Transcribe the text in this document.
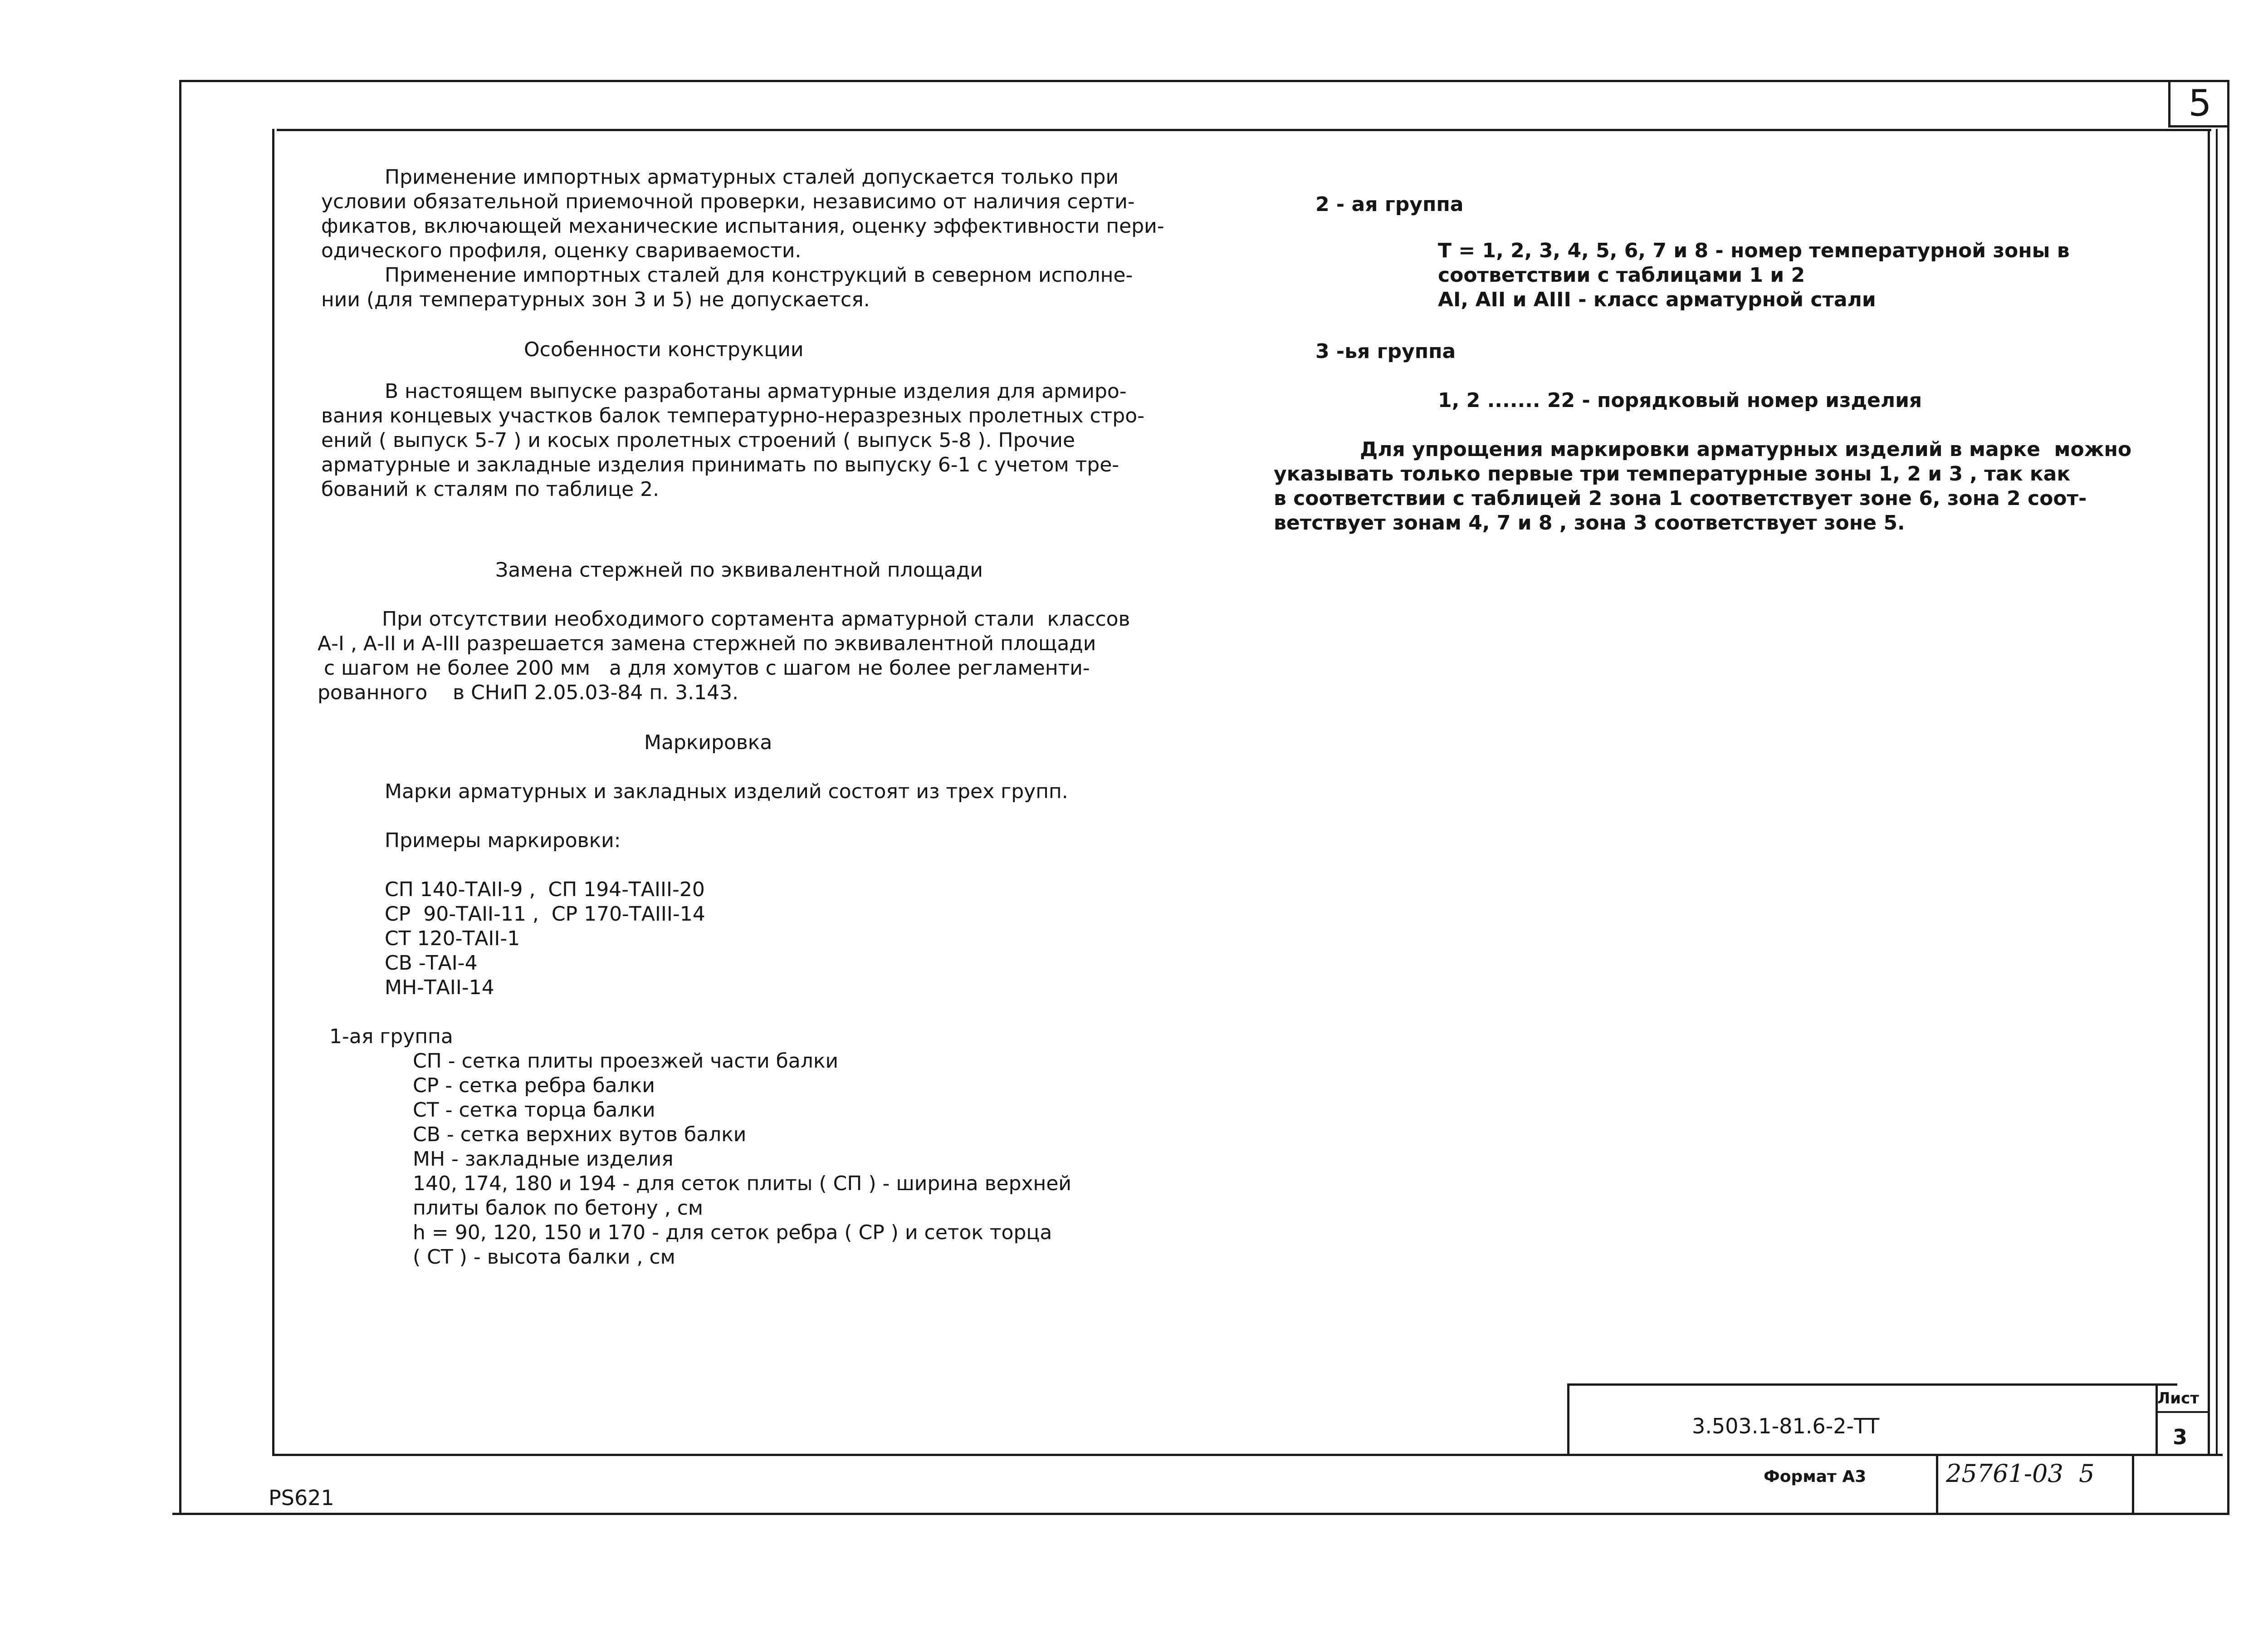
5
Применение импортных арматурных сталей допускается только при
условии обязательной приемочной проверки, независимо от наличия серти-
фикатов, включающей механические испытания, оценку эффективности пери-
одического профиля, оценку свариваемости.
Применение импортных сталей для конструкций в северном исполне-
нии (для температурных зон 3 и 5) не допускается.
Особенности конструкции
В настоящем выпуске разработаны арматурные изделия для армиро-
вания концевых участков балок температурно-неразрезных пролетных стро-
ений ( выпуск 5-7 ) и косых пролетных строений ( выпуск 5-8 ). Прочие
арматурные и закладные изделия принимать по выпуску 6-1 с учетом тре-
бований к сталям по таблице 2.
Замена стержней по эквивалентной площади
При отсутствии необходимого сортамента арматурной стали  классов
А-I , А-II и А-III разрешается замена стержней по эквивалентной площади
с шагом не более 200 мм   а для хомутов с шагом не более регламенти-
рованного    в СНиП 2.05.03-84 п. 3.143.
Маркировка
Марки арматурных и закладных изделий состоят из трех групп.
Примеры маркировки:
СП 140-ТАII-9 ,  СП 194-ТАIII-20
СР  90-ТАII-11 ,  СР 170-ТАIII-14
СТ 120-ТАII-1
СВ -ТАI-4
МН-ТАII-14
1-ая группа
СП - сетка плиты проезжей части балки
СР - сетка ребра балки
СТ - сетка торца балки
СВ - сетка верхних вутов балки
МН - закладные изделия
140, 174, 180 и 194 - для сеток плиты ( СП ) - ширина верхней
плиты балок по бетону , см
h = 90, 120, 150 и 170 - для сеток ребра ( СР ) и сеток торца
( СТ ) - высота балки , см
2 - ая группа
Т = 1, 2, 3, 4, 5, 6, 7 и 8 - номер температурной зоны в
соответствии с таблицами 1 и 2
АI, АII и АIII - класс арматурной стали
3 -ья группа
1, 2 ....... 22 - порядковый номер изделия
Для упрощения маркировки арматурных изделий в марке  можно
указывать только первые три температурные зоны 1, 2 и 3 , так как
в соответствии с таблицей 2 зона 1 соответствует зоне 6, зона 2 соот-
ветствует зонам 4, 7 и 8 , зона 3 соответствует зоне 5.
3.503.1-81.6-2-ТТ
Лист
3
Формат А3	25761-03  5
PS621
